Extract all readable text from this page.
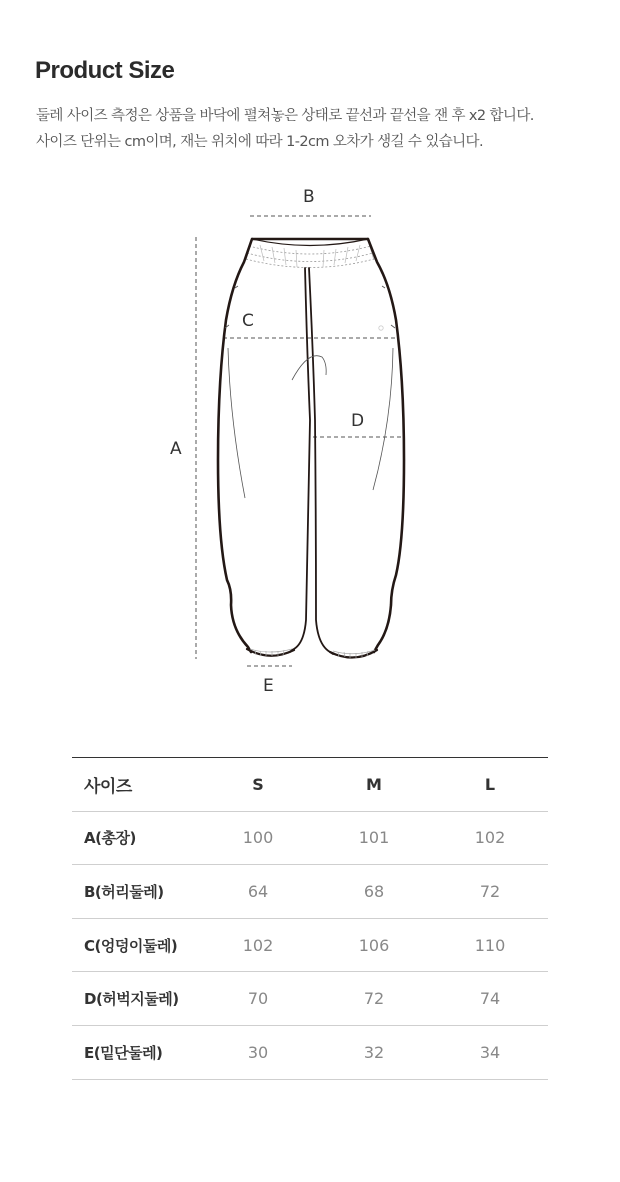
Product Size

둘레 사이즈 측정은 상품을 바닥에 펼쳐놓은 상태로 끝선과 끝선을 잰 후 x2 합니다.

사이즈 단위는 cm이며, 재는 위치에 따라 1-2cm 오차가 생길 수 있습니다.

B
C
D
A
E
사이즈	S	M	L
A(총장)	100	101	102
B(허리둘레)	64	68	72
C(엉덩이둘레)	102	106	110
D(허벅지둘레)	70	72	74
E(밑단둘레)	30	32	34
